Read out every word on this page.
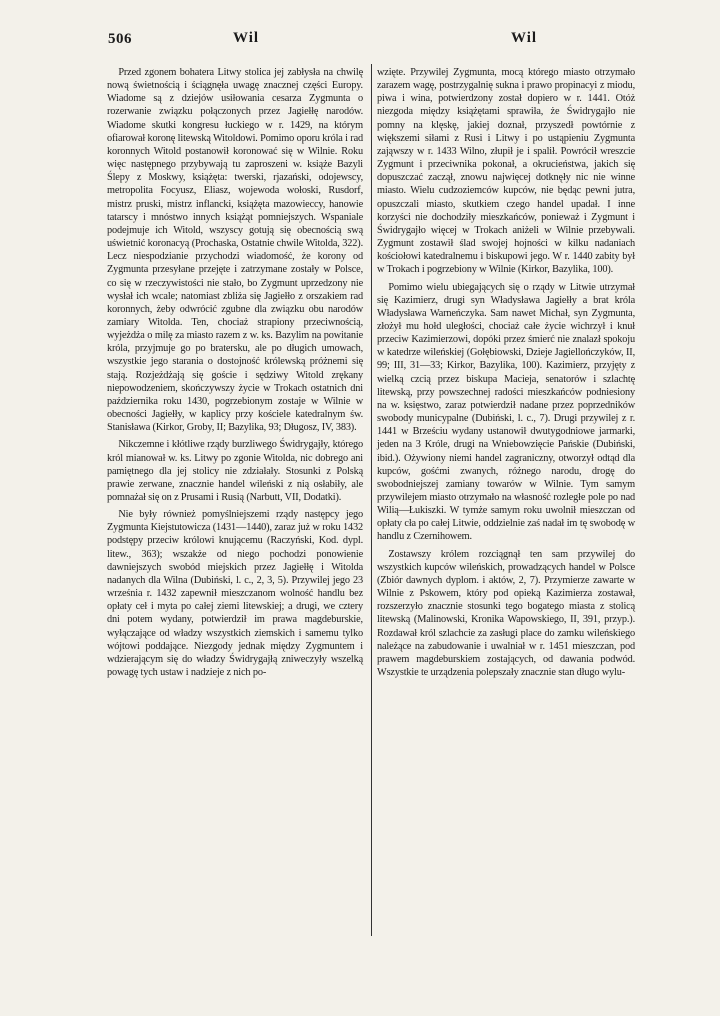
506	Wil	Wil

Przed zgonem bohatera Litwy stolica jej zabłysła na chwilę nową świetnością i ściągnęła uwagę znacznej części Europy. Wiadome są z dziejów usiłowania cesarza Zygmunta o rozerwanie związku połączonych przez Jagiełłę narodów. Wiadome skutki kongresu łuckiego w r. 1429, na którym ofiarował koronę litewską Witoldowi. Pomimo oporu króla i rad koronnych Witold postanowił koronować się w Wilnie. Roku więc następnego przybywają tu zaproszeni w. książe Bazyli Ślepy z Moskwy, książęta: twerski, rjazański, odojewscy, metropolita Focyusz, Eliasz, wojewoda wołoski, Rusdorf, mistrz pruski, mistrz inflancki, książęta mazowieccy, hanowie tatarscy i mnóstwo innych książąt pomniejszych. Wspaniale podejmuje ich Witold, wszyscy gotują się obecnością swą uświetnić koronacyą (Prochaska, Ostatnie chwile Witolda, 322). Lecz niespodzianie przychodzi wiadomość, że korony od Zygmunta przesyłane przejęte i zatrzymane zostały w Polsce, co się w rzeczywistości nie stało, bo Zygmunt uprzedzony nie wysłał ich wcale; natomiast zbliża się Jagiełło z orszakiem rad koronnych, żeby odwrócić zgubne dla związku obu narodów zamiary Witolda. Ten, chociaż strapiony przeciwnością, wyjeżdża o milę za miasto razem z w. ks. Bazylim na powitanie króla, przyjmuje go po bratersku, ale po długich umowach, wszystkie jego starania o dostojność królewską próżnemi się stają. Rozjeżdżają się goście i sędziwy Witold zrękany niepowodzeniem, skończywszy życie w Trokach ostatnich dni października roku 1430, pogrzebionym zostaje w Wilnie w obecności Jagiełły, w kaplicy przy kościele katedralnym św. Stanisława (Kirkor, Groby, II; Bazylika, 93; Długosz, IV, 383).

Nikczemne i kłótliwe rządy burzliwego Świdrygajły, którego król mianował w. ks. Litwy po zgonie Witolda, nic dobrego ani pamiętnego dla jej stolicy nie zdziałały. Stosunki z Polską prawie zerwane, znacznie handel wileński z nią osłabiły, ale pomnażał się on z Prusami i Rusią (Narbutt, VII, Dodatki).

Nie były również pomyślniejszemi rządy następcy jego Zygmunta Kiejstutowicza (1431—1440), zaraz już w roku 1432 podstępy przeciw królowi knującemu (Raczyński, Kod. dypl. litew., 363); wszakże od niego pochodzi ponowienie dawniejszych swobód miejskich przez Jagiełłę i Witolda nadanych dla Wilna (Dubiński, l. c., 2, 3, 5). Przywilej jego 23 września r. 1432 zapewnił mieszczanom wolność handlu bez opłaty ceł i myta po całej ziemi litewskiej; a drugi, we cztery dni potem wydany, potwierdził im prawa magdeburskie, wyłączające od władzy wszystkich ziemskich i samemu tylko wójtowi poddające. Niezgody jednak między Zygmuntem i wdzierającym się do władzy Świdrygajłą zniweczyły wszelką powagę tych ustaw i nadzieje z nich po-

wzięte. Przywilej Zygmunta, mocą którego miasto otrzymało zarazem wagę, postrzygalnię sukna i prawo propinacyi z miodu, piwa i wina, potwierdzony został dopiero w r. 1441. Otóż niezgoda między książętami sprawiła, że Świdrygajło nie pomny na klęskę, jakiej doznał, przyszedł powtórnie z większemi siłami z Rusi i Litwy i po ustąpieniu Zygmunta zająwszy w r. 1433 Wilno, złupił je i spalił. Powrócił wreszcie Zygmunt i przeciwnika pokonał, a okrucieństwa, jakich się dopuszczać zaczął, znowu najwięcej dotknęły nic nie winne miasto. Wielu cudzoziemców kupców, nie będąc pewni jutra, opuszczali miasto, skutkiem czego handel upadał. I inne korzyści nie dochodziły mieszkańców, ponieważ i Zygmunt i Świdrygajło więcej w Trokach aniżeli w Wilnie przebywali. Zygmunt zostawił ślad swojej hojności w kilku nadaniach kościołowi katedralnemu i biskupowi jego. W r. 1440 zabity był w Trokach i pogrzebiony w Wilnie (Kirkor, Bazylika, 100).

Pomimo wielu ubiegających się o rządy w Litwie utrzymał się Kazimierz, drugi syn Władysława Jagiełły a brat króla Władysława Warneńczyka. Sam nawet Michał, syn Zygmunta, złożył mu hołd uległości, chociaż całe życie wichrzył i knuł przeciw Kazimierzowi, dopóki przez śmierć nie znalazł spokoju w katedrze wileńskiej (Gołębiowski, Dzieje Jagiellończyków, II, 99; III, 31—33; Kirkor, Bazylika, 100). Kazimierz, przyjęty z wielką czcią przez biskupa Macieja, senatorów i szlachtę litewską, przy powszechnej radości mieszkańców podniesiony na w. księstwo, zaraz potwierdził nadane przez poprzedników swobody municypalne (Dubiński, l. c., 7). Drugi przywilej z r. 1441 w Brześciu wydany ustanowił dwutygodniowe jarmarki, jeden na 3 Króle, drugi na Wniebowzięcie Pańskie (Dubiński, ibid.). Ożywiony niemi handel zagraniczny, otworzył odtąd dla kupców, gośćmi zwanych, różnego narodu, drogę do swobodniejszej zamiany towarów w Wilnie. Tym samym przywilejem miasto otrzymało na własność rozległe pole po nad Wilią—Łukiszki. W tymże samym roku uwolnił mieszczan od opłaty cła po całej Litwie, oddzielnie zaś nadał im tę swobodę w handlu z Czernihowem.

Zostawszy królem rozciągnął ten sam przywilej do wszystkich kupców wileńskich, prowadzących handel w Polsce (Zbiór dawnych dyplom. i aktów, 2, 7). Przymierze zawarte w Wilnie z Pskowem, który pod opieką Kazimierza zostawał, rozszerzyło znacznie stosunki tego bogatego miasta z stolicą litewską (Malinowski, Kronika Wapowskiego, II, 391, przyp.). Rozdawał król szlachcie za zasługi place do zamku wileńskiego należące na zabudowanie i uwalniał w r. 1451 mieszczan, pod prawem magdeburskiem zostających, od dawania podwód. Wszystkie te urządzenia polepszały znacznie stan długo wylu-
